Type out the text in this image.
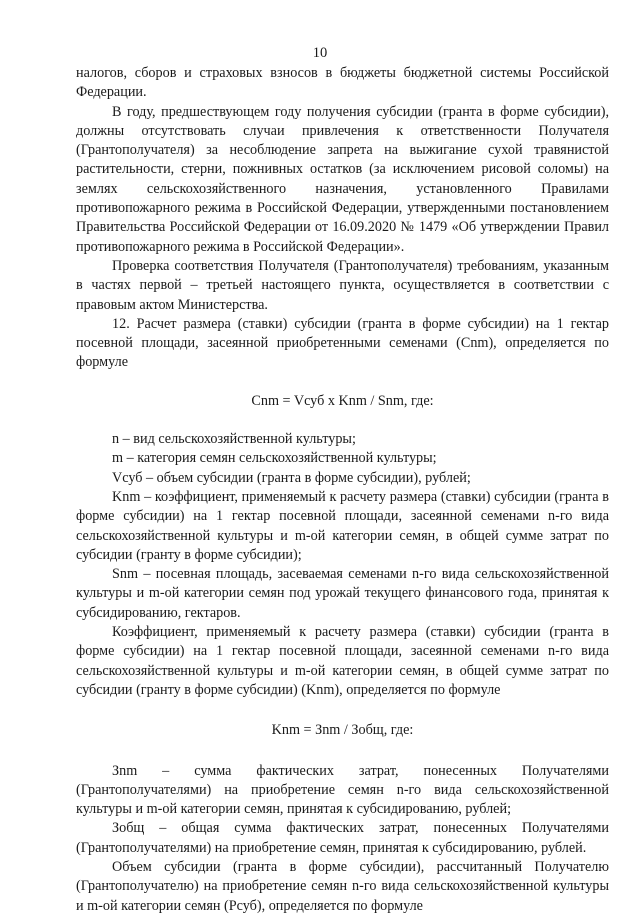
10

налогов, сборов и страховых взносов в бюджеты бюджетной системы Российской Федерации.

В году, предшествующем году получения субсидии (гранта в форме субсидии), должны отсутствовать случаи привлечения к ответственности Получателя (Грантополучателя) за несоблюдение запрета на выжигание сухой травянистой растительности, стерни, пожнивных остатков (за исключением рисовой соломы) на землях сельскохозяйственного назначения, установленного Правилами противопожарного режима в Российской Федерации, утвержденными постановлением Правительства Российской Федерации от 16.09.2020 № 1479 «Об утверждении Правил противопожарного режима в Российской Федерации».

Проверка соответствия Получателя (Грантополучателя) требованиям, указанным в частях первой – третьей настоящего пункта, осуществляется в соответствии с правовым актом Министерства.

12. Расчет размера (ставки) субсидии (гранта в форме субсидии) на 1 гектар посевной площади, засеянной приобретенными семенами (Cnm), определяется по формуле

Cnm = Vсуб x Knm / Snm, где:

n – вид сельскохозяйственной культуры;

m – категория семян сельскохозяйственной культуры;

Vсуб – объем субсидии (гранта в форме субсидии), рублей;

Knm – коэффициент, применяемый к расчету размера (ставки) субсидии (гранта в форме субсидии) на 1 гектар посевной площади, засеянной семенами n-го вида сельскохозяйственной культуры и m-ой категории семян, в общей сумме затрат по субсидии (гранту в форме субсидии);

Snm – посевная площадь, засеваемая семенами n-го вида сельскохозяйственной культуры и m-ой категории семян под урожай текущего финансового года, принятая к субсидированию, гектаров.

Коэффициент, применяемый к расчету размера (ставки) субсидии (гранта в форме субсидии) на 1 гектар посевной площади, засеянной семенами n-го вида сельскохозяйственной культуры и m-ой категории семян, в общей сумме затрат по субсидии (гранту в форме субсидии) (Knm), определяется по формуле

Knm = Зnm / Зобщ, где:

Зnm – сумма фактических затрат, понесенных Получателями (Грантополучателями) на приобретение семян n-го вида сельскохозяйственной культуры и m-ой категории семян, принятая к субсидированию, рублей;

Зобщ – общая сумма фактических затрат, понесенных Получателями (Грантополучателями) на приобретение семян, принятая к субсидированию, рублей.

Объем субсидии (гранта в форме субсидии), рассчитанный Получателю (Грантополучателю) на приобретение семян n-го вида сельскохозяйственной культуры и m-ой категории семян (Рсуб), определяется по формуле
